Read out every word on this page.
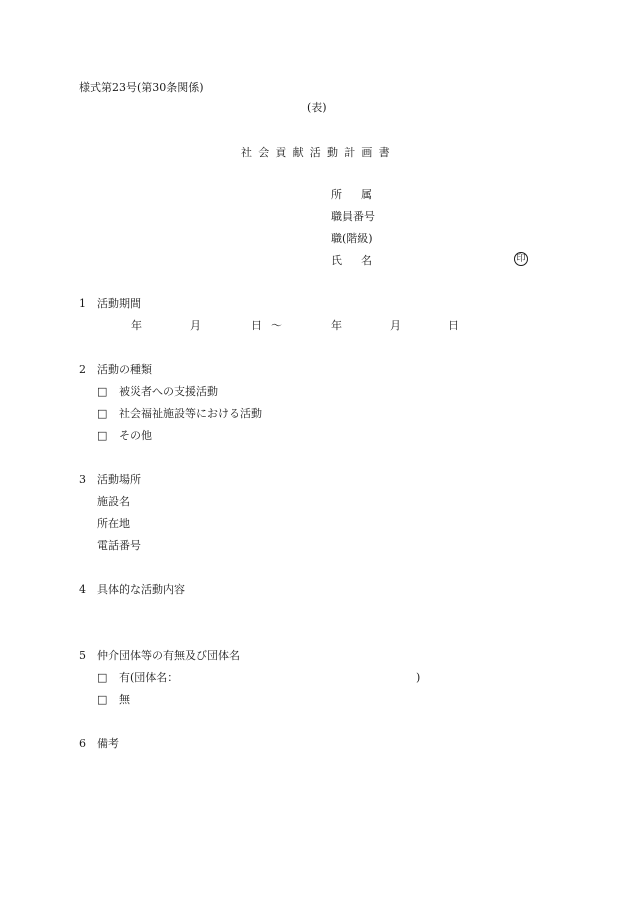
様式第23号(第30条関係)
(表)
社会貢献活動計画書
所属
職員番号
職(階級)
氏名	印
1 活動期間
年	月	日 〜	年	月	日
2 活動の種類
□ 被災者への支援活動
□ 社会福祉施設等における活動
□ その他
3 活動場所
施設名
所在地
電話番号
4 具体的な活動内容
5 仲介団体等の有無及び団体名
□ 有(団体名：	)
□ 無
6 備考
